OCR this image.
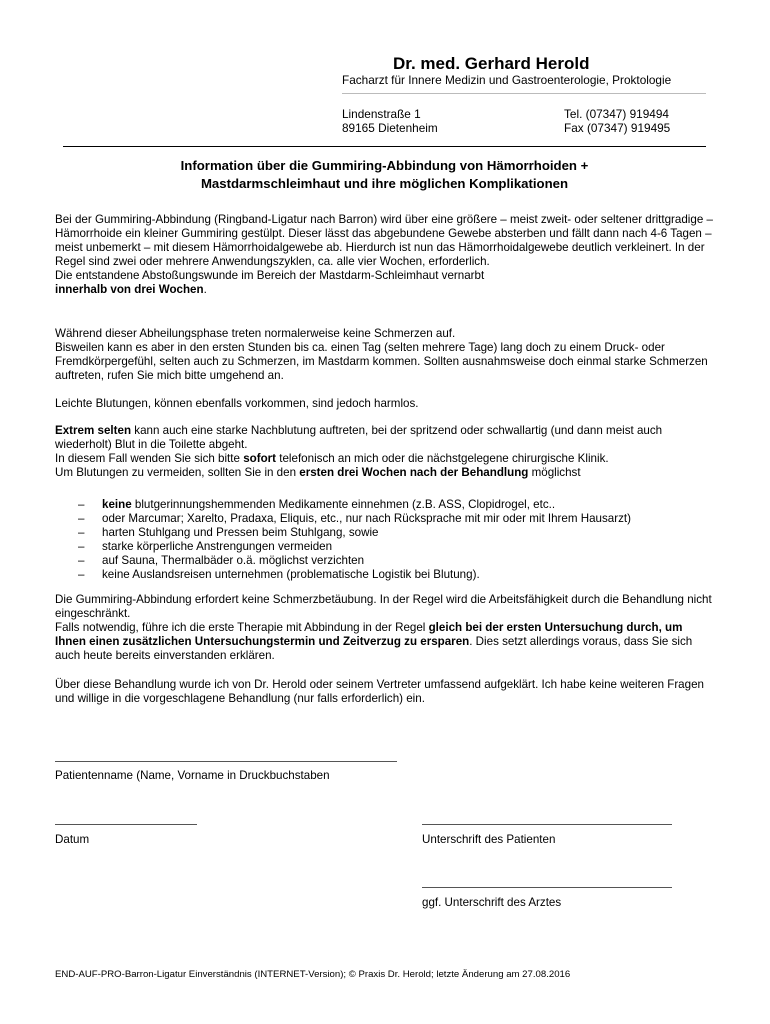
Dr. med. Gerhard Herold
Facharzt für Innere Medizin und Gastroenterologie, Proktologie
Lindenstraße 1
89165 Dietenheim
Tel. (07347) 919494
Fax (07347) 919495
Information über die Gummiring-Abbindung von Hämorrhoiden +
Mastdarmschleimhaut und ihre möglichen Komplikationen

Bei der Gummiring-Abbindung (Ringband-Ligatur nach Barron) wird über eine größere – meist zweit- oder seltener drittgradige – Hämorrhoide ein kleiner Gummiring gestülpt. Dieser lässt das abgebundene Gewebe absterben und fällt dann nach 4-6 Tagen – meist unbemerkt – mit diesem Hämorrhoidalgewebe ab. Hierdurch ist nun das Hämorrhoidalgewebe deutlich verkleinert. In der Regel sind zwei oder mehrere Anwendungszyklen, ca. alle vier Wochen, erforderlich.

Die entstandene Abstoßungswunde im Bereich der Mastdarm-Schleimhaut vernarbt
innerhalb von drei Wochen.

Während dieser Abheilungsphase treten normalerweise keine Schmerzen auf.

Bisweilen kann es aber in den ersten Stunden bis ca. einen Tag (selten mehrere Tage) lang doch zu einem Druck- oder Fremdkörpergefühl, selten auch zu Schmerzen, im Mastdarm kommen. Sollten ausnahmsweise doch einmal starke Schmerzen auftreten, rufen Sie mich bitte umgehend an.

Leichte Blutungen, können ebenfalls vorkommen, sind jedoch harmlos.

Extrem selten kann auch eine starke Nachblutung auftreten, bei der spritzend oder schwallartig (und dann meist auch wiederholt) Blut in die Toilette abgeht.

In diesem Fall wenden Sie sich bitte sofort telefonisch an mich oder die nächstgelegene chirurgische Klinik.

Um Blutungen zu vermeiden, sollten Sie in den ersten drei Wochen nach der Behandlung möglichst

– keine blutgerinnungshemmenden Medikamente einnehmen (z.B. ASS, Clopidrogel, etc..
– oder Marcumar; Xarelto, Pradaxa, Eliquis, etc., nur nach Rücksprache mit mir oder mit Ihrem Hausarzt)
– harten Stuhlgang und Pressen beim Stuhlgang, sowie
– starke körperliche Anstrengungen vermeiden
– auf Sauna, Thermalbäder o.ä. möglichst verzichten
– keine Auslandsreisen unternehmen (problematische Logistik bei Blutung).

Die Gummiring-Abbindung erfordert keine Schmerzbetäubung. In der Regel wird die Arbeitsfähigkeit durch die Behandlung nicht eingeschränkt.

Falls notwendig, führe ich die erste Therapie mit Abbindung in der Regel gleich bei der ersten Untersuchung durch, um Ihnen einen zusätzlichen Untersuchungstermin und Zeitverzug zu ersparen. Dies setzt allerdings voraus, dass Sie sich auch heute bereits einverstanden erklären.

Über diese Behandlung wurde ich von Dr. Herold oder seinem Vertreter umfassend aufgeklärt. Ich habe keine weiteren Fragen und willige in die vorgeschlagene Behandlung (nur falls erforderlich) ein.

Patientenname (Name, Vorname in Druckbuchstaben
Datum	Unterschrift des Patienten
ggf. Unterschrift des Arztes
END-AUF-PRO-Barron-Ligatur Einverständnis (INTERNET-Version); © Praxis Dr. Herold; letzte Änderung am 27.08.2016
